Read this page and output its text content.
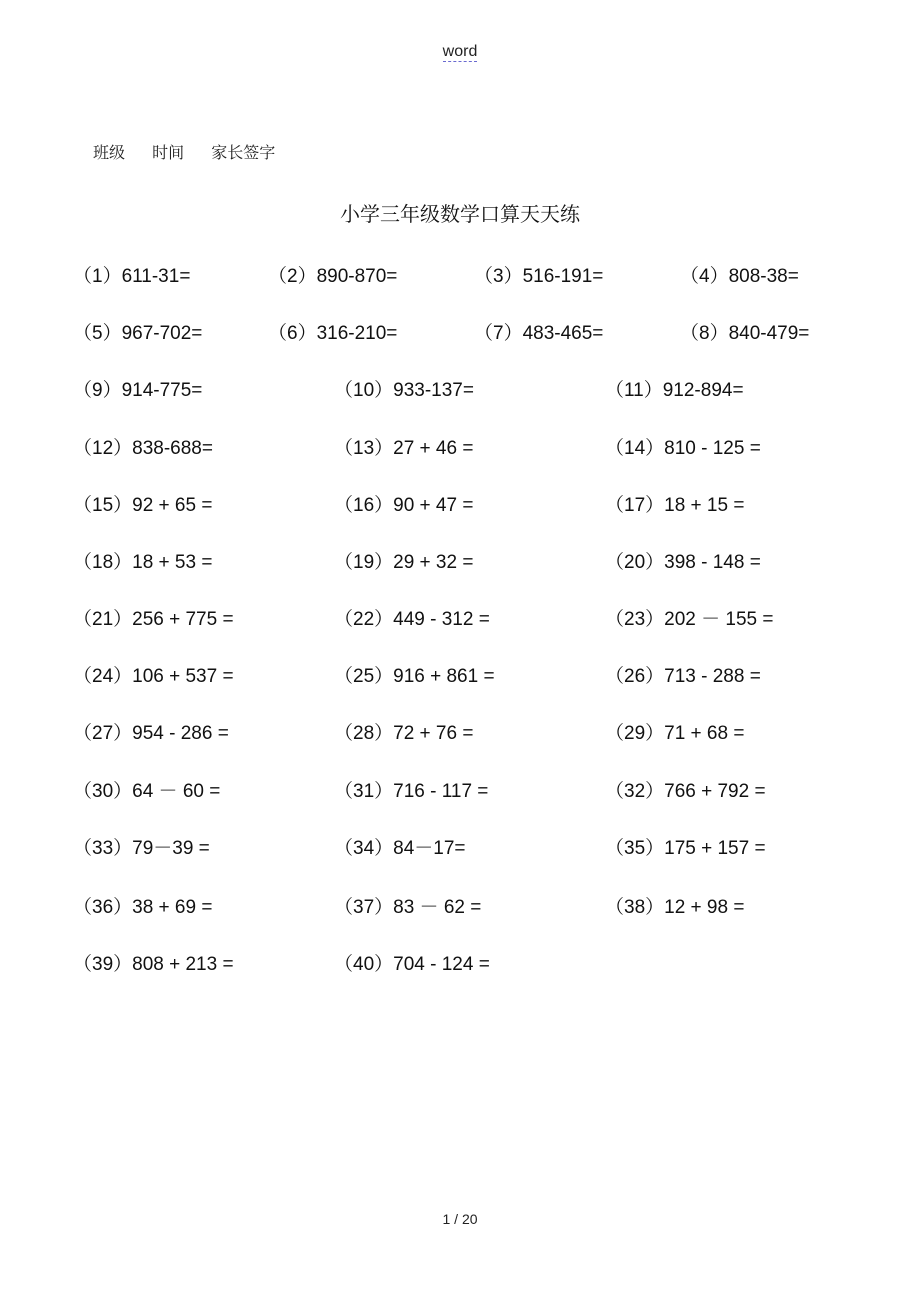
word
班级 时间 家长签字
小学三年级数学口算天天练
（1）611-31=	（2）890-870=	（3）516-191=	（4）808-38=
（5）967-702=	（6）316-210=	（7）483-465=	（8）840-479=
（9）914-775=	（10）933-137=	（11）912-894=
（12）838-688=	（13）27 + 46 =	（14）810 - 125 =
（15）92 + 65 =	（16）90 + 47 =	（17）18 + 15 =
（18）18 + 53 =	（19）29 + 32 =	（20）398 - 148 =
（21）256 + 775 =	（22）449 - 312 =	（23）202 － 155 =
（24）106 + 537 =	（25）916 + 861 =	（26）713 - 288 =
（27）954 - 286 =	（28）72 + 76 =	（29）71 + 68 =
（30）64 － 60 =	（31）716 - 117 =	（32）766 + 792 =
（33）79－39 =	（34）84－17=	（35）175 + 157 =
（36）38 + 69 =	（37）83 － 62 =	（38）12 + 98 =
（39）808 + 213 =	（40）704 - 124 =
1 / 20
